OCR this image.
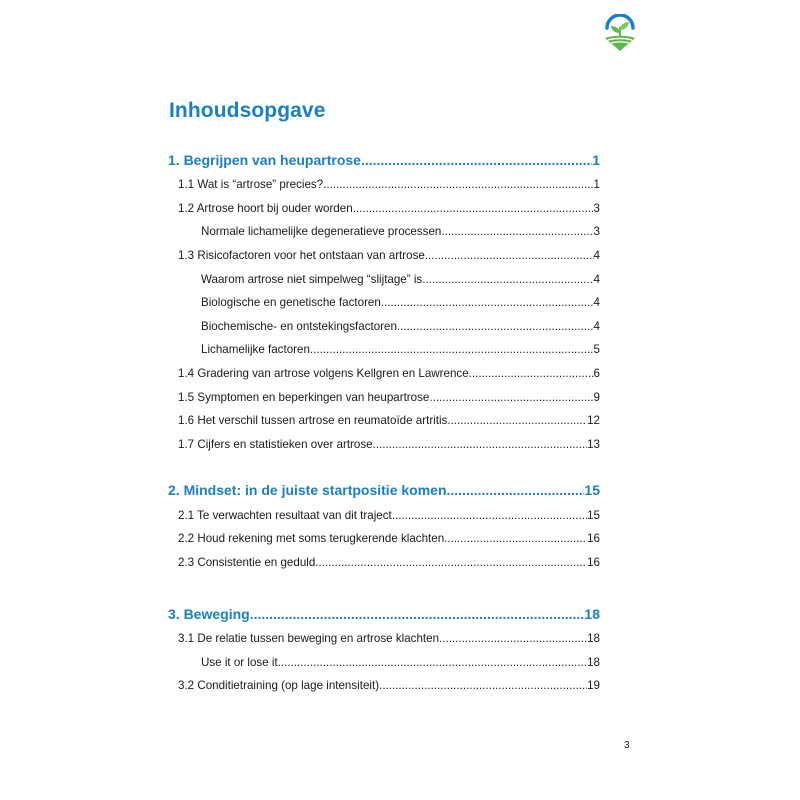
Inhoudsopgave
1. Begrijpen van heupartrose .....	1
1.1 Wat is “artrose” precies? .....	1
1.2 Artrose hoort bij ouder worden .....	3
Normale lichamelijke degeneratieve processen .....	3
1.3 Risicofactoren voor het ontstaan van artrose .....	4
Waarom artrose niet simpelweg “slijtage” is .....	4
Biologische en genetische factoren .....	4
Biochemische- en ontstekingsfactoren .....	4
Lichamelijke factoren .....	5
1.4 Gradering van artrose volgens Kellgren en Lawrence .....	6
1.5 Symptomen en beperkingen van heupartrose .....	9
1.6 Het verschil tussen artrose en reumatoïde artritis .....	12
1.7 Cijfers en statistieken over artrose .....	13
2. Mindset: in de juiste startpositie komen .....	15
2.1 Te verwachten resultaat van dit traject .....	15
2.2 Houd rekening met soms terugkerende klachten .....	16
2.3 Consistentie en geduld .....	16
3. Beweging .....	18
3.1 De relatie tussen beweging en artrose klachten .....	18
Use it or lose it .....	18
3.2 Conditietraining (op lage intensiteit) .....	19
3
